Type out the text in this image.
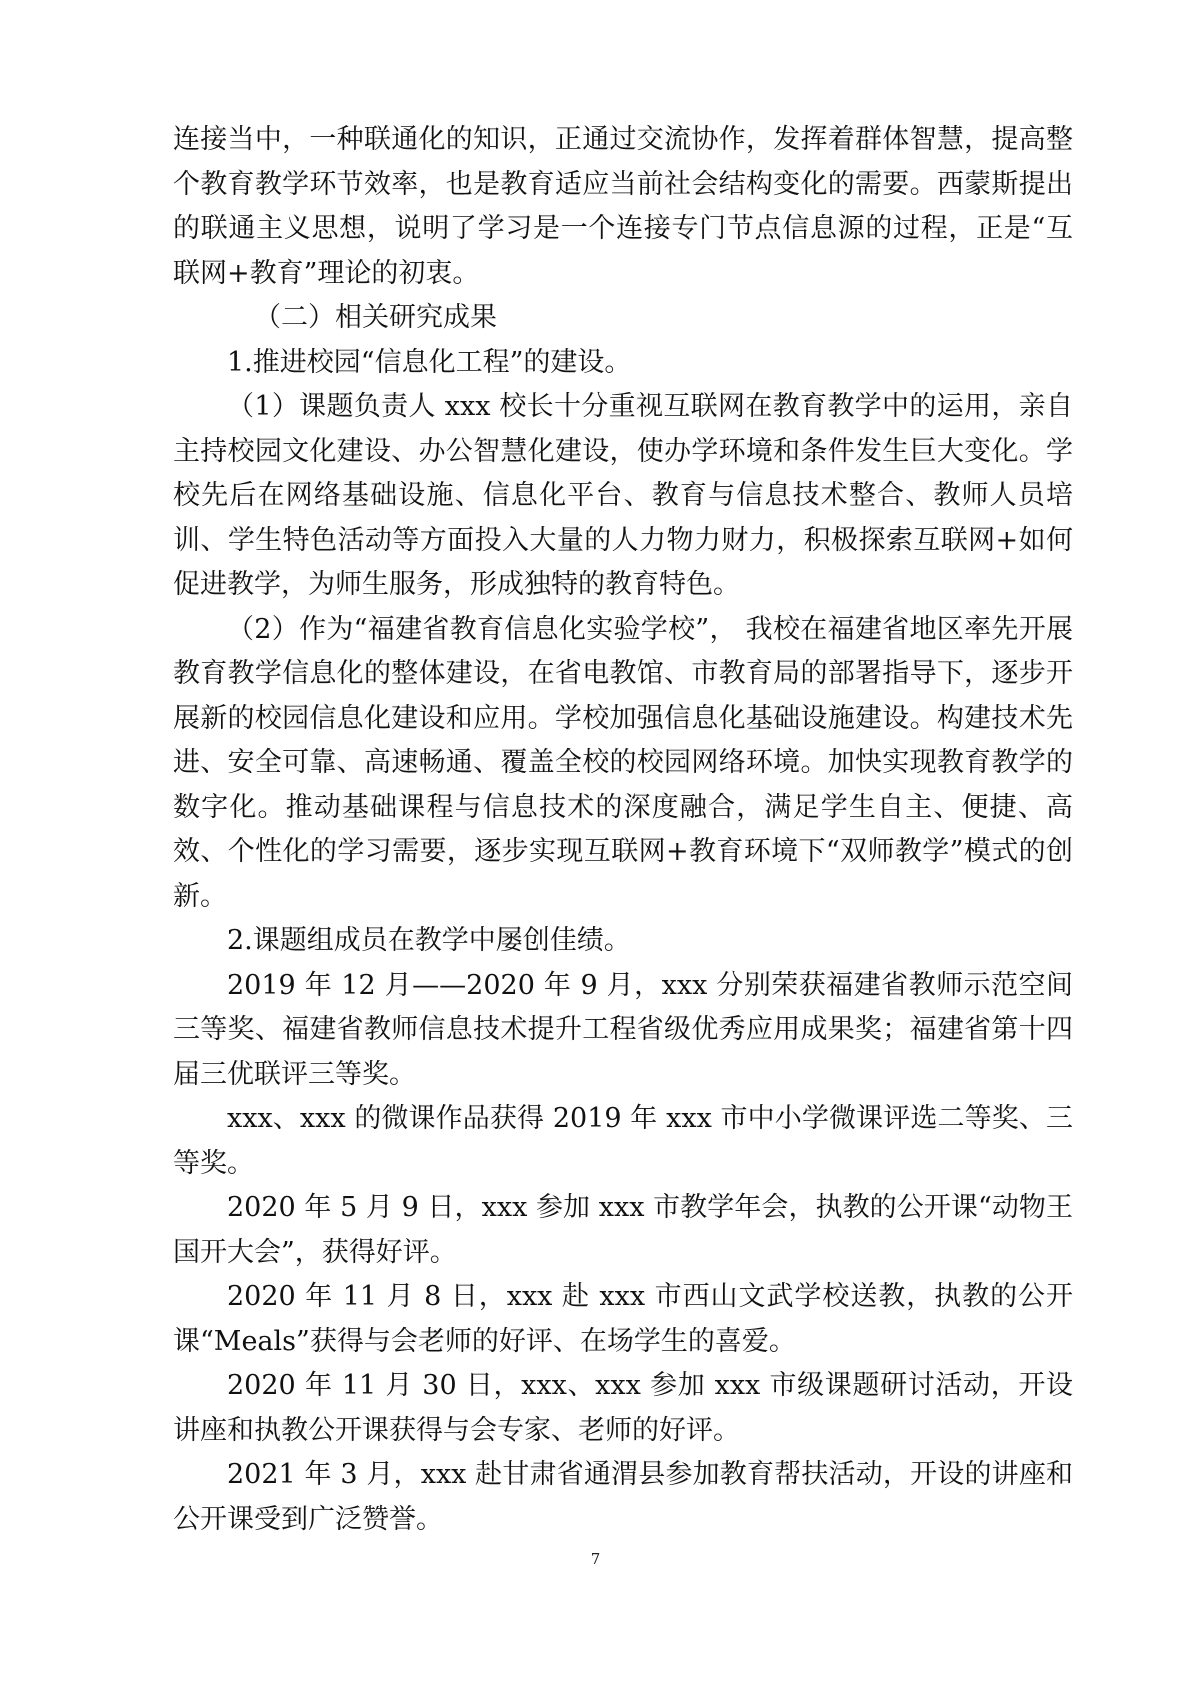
连接当中，一种联通化的知识，正通过交流协作，发挥着群体智慧，提高整个教育教学环节效率，也是教育适应当前社会结构变化的需要。西蒙斯提出的联通主义思想，说明了学习是一个连接专门节点信息源的过程，正是“互联网+教育”理论的初衷。

（二）相关研究成果

1.推进校园“信息化工程”的建设。

（1）课题负责人 xxx 校长十分重视互联网在教育教学中的运用，亲自主持校园文化建设、办公智慧化建设，使办学环境和条件发生巨大变化。学校先后在网络基础设施、信息化平台、教育与信息技术整合、教师人员培训、学生特色活动等方面投入大量的人力物力财力，积极探索互联网+如何促进教学，为师生服务，形成独特的教育特色。

（2）作为“福建省教育信息化实验学校”， 我校在福建省地区率先开展教育教学信息化的整体建设，在省电教馆、市教育局的部署指导下，逐步开展新的校园信息化建设和应用。学校加强信息化基础设施建设。构建技术先进、安全可靠、高速畅通、覆盖全校的校园网络环境。加快实现教育教学的数字化。推动基础课程与信息技术的深度融合，满足学生自主、便捷、高效、个性化的学习需要，逐步实现互联网+教育环境下“双师教学”模式的创新。

2.课题组成员在教学中屡创佳绩。

2019 年 12 月——2020 年 9 月，xxx 分别荣获福建省教师示范空间三等奖、福建省教师信息技术提升工程省级优秀应用成果奖；福建省第十四届三优联评三等奖。

xxx、xxx 的微课作品获得 2019 年 xxx 市中小学微课评选二等奖、三等奖。

2020 年 5 月 9 日，xxx 参加 xxx 市教学年会，执教的公开课“动物王国开大会”，获得好评。

2020 年 11 月 8 日，xxx 赴 xxx 市西山文武学校送教，执教的公开课“Meals”获得与会老师的好评、在场学生的喜爱。

2020 年 11 月 30 日，xxx、xxx 参加 xxx 市级课题研讨活动，开设讲座和执教公开课获得与会专家、老师的好评。

2021 年 3 月，xxx 赴甘肃省通渭县参加教育帮扶活动，开设的讲座和公开课受到广泛赞誉。

7
